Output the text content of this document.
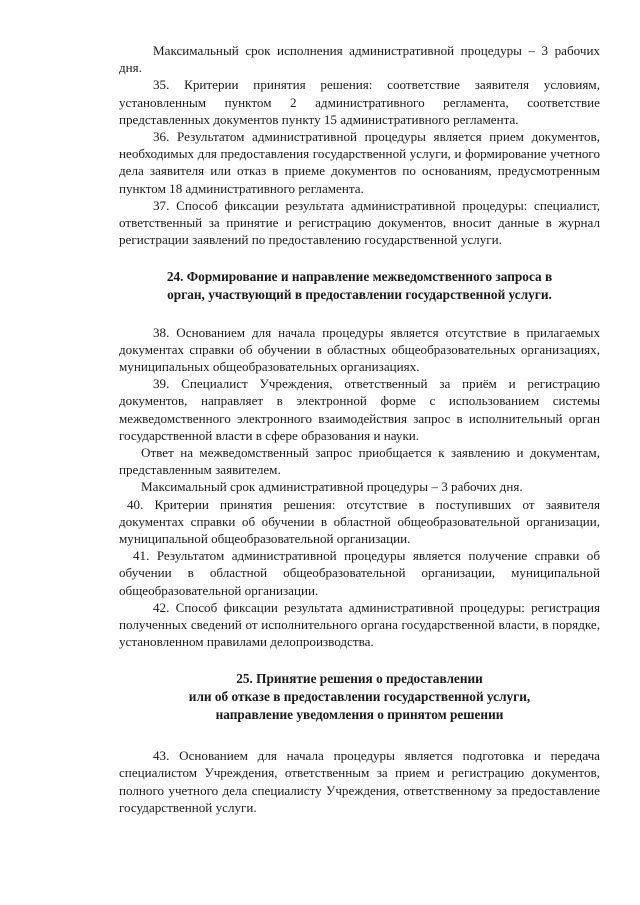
Максимальный срок исполнения административной процедуры – 3 рабочих дня.

35. Критерии принятия решения: соответствие заявителя условиям, установленным пунктом 2 административного регламента, соответствие представленных документов пункту 15 административного регламента.

36. Результатом административной процедуры является прием документов, необходимых для предоставления государственной услуги, и формирование учетного дела заявителя или отказ в приеме документов по основаниям, предусмотренным пунктом 18 административного регламента.

37. Способ фиксации результата административной процедуры: специалист, ответственный за принятие и регистрацию документов, вносит данные в журнал регистрации заявлений по предоставлению государственной услуги.

24. Формирование и направление межведомственного запроса в
орган, участвующий в предоставлении государственной услуги.

38. Основанием для начала процедуры является отсутствие в прилагаемых документах справки об обучении в областных общеобразовательных организациях, муниципальных общеобразовательных организациях.

39. Специалист Учреждения, ответственный за приём и регистрацию документов, направляет в электронной форме с использованием системы межведомственного электронного взаимодействия запрос в исполнительный орган государственной власти в сфере образования и науки.

Ответ на межведомственный запрос приобщается к заявлению и документам, представленным заявителем.

Максимальный срок административной процедуры – 3 рабочих дня.

40. Критерии принятия решения: отсутствие в поступивших от заявителя документах справки об обучении в областной общеобразовательной организации, муниципальной общеобразовательной организации.

41. Результатом административной процедуры является получение справки об обучении в областной общеобразовательной организации, муниципальной общеобразовательной организации.

42. Способ фиксации результата административной процедуры: регистрация полученных сведений от исполнительного органа государственной власти, в порядке, установленном правилами делопроизводства.

25. Принятие решения о предоставлении
или об отказе в предоставлении государственной услуги,
направление уведомления о принятом решении

43. Основанием для начала процедуры является подготовка и передача специалистом Учреждения, ответственным за прием и регистрацию документов, полного учетного дела специалисту Учреждения, ответственному за предоставление государственной услуги.
